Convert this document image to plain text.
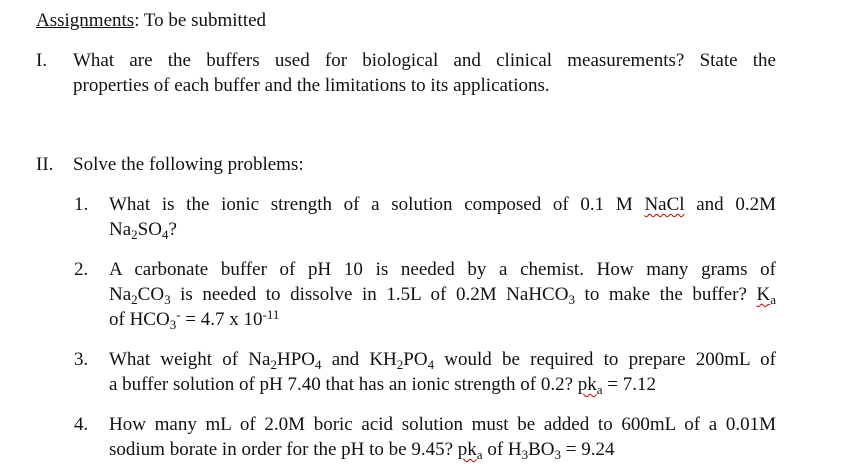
Assignments: To be submitted
I. What are the buffers used for biological and clinical measurements? State the
properties of each buffer and the limitations to its applications.
II. Solve the following problems:
1. What is the ionic strength of a solution composed of 0.1 M NaCl and 0.2M
$Na_2SO_4$?
2. A carbonate buffer of pH 10 is needed by a chemist. How many grams of
$Na_2CO_3$ is needed to dissolve in 1.5L of 0.2M NaHCO$_3$ to make the buffer? $K_a$
of $HCO_3^- = 4.7$ x $10^{-11}$
3. What weight of $Na_2HPO_4$ and $KH_2PO_4$ would be required to prepare 200mL of
a buffer solution of pH 7.40 that has an ionic strength of 0.2? $pk_a = 7.12$
4. How many mL of 2.0M boric acid solution must be added to 600mL of a 0.01M
sodium borate in order for the pH to be 9.45? $pk_a$ of $H_3BO_3 = 9.24$
